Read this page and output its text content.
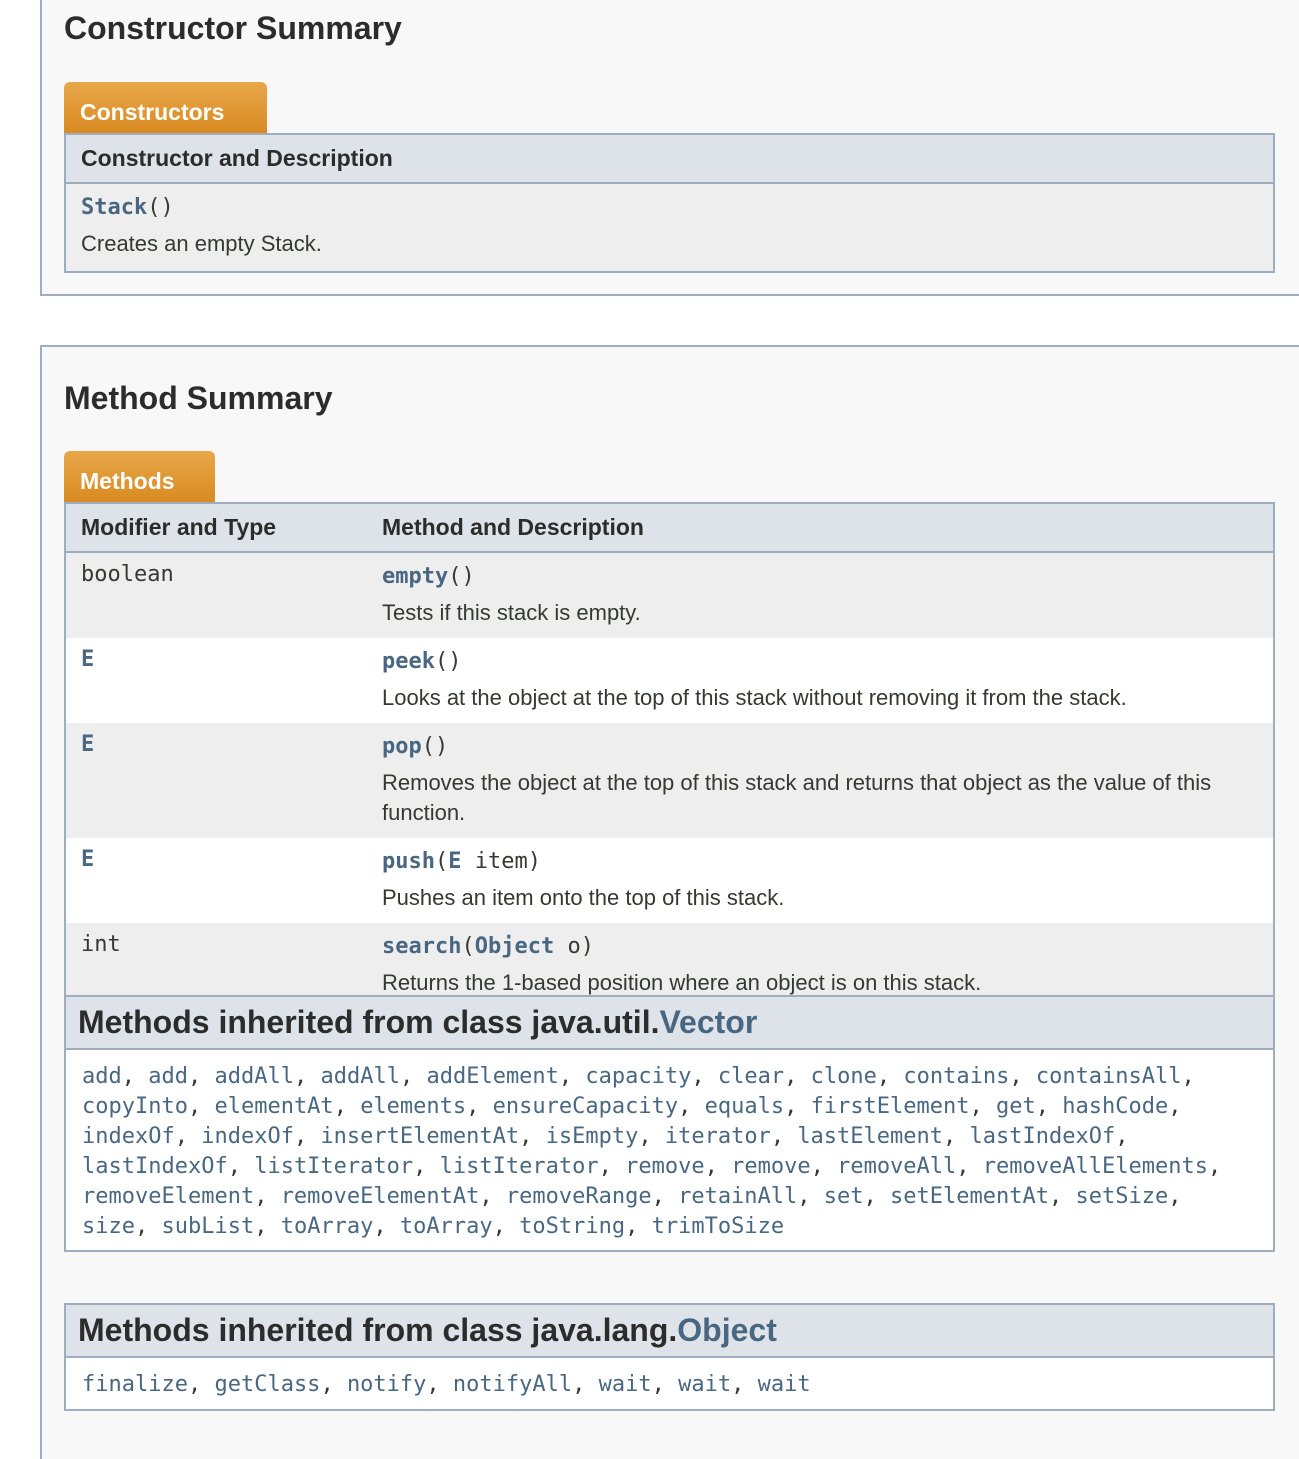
Constructor Summary
Constructors
Constructor and Description
Stack()
Creates an empty Stack.
Method Summary
Methods
Modifier and Type	Method and Description
boolean	empty()
Tests if this stack is empty.

E	peek()
Looks at the object at the top of this stack without removing it from the stack.

E	pop()
Removes the object at the top of this stack and returns that object as the value of this function.

E	push(E item)
Pushes an item onto the top of this stack.

int	search(Object o)
Returns the 1-based position where an object is on this stack.
Methods inherited from class java.util.Vector
add, add, addAll, addAll, addElement, capacity, clear, clone, contains, containsAll, copyInto, elementAt, elements, ensureCapacity, equals, firstElement, get, hashCode, indexOf, indexOf, insertElementAt, isEmpty, iterator, lastElement, lastIndexOf, lastIndexOf, listIterator, listIterator, remove, remove, removeAll, removeAllElements, removeElement, removeElementAt, removeRange, retainAll, set, setElementAt, setSize, size, subList, toArray, toArray, toString, trimToSize
Methods inherited from class java.lang.Object
finalize, getClass, notify, notifyAll, wait, wait, wait
